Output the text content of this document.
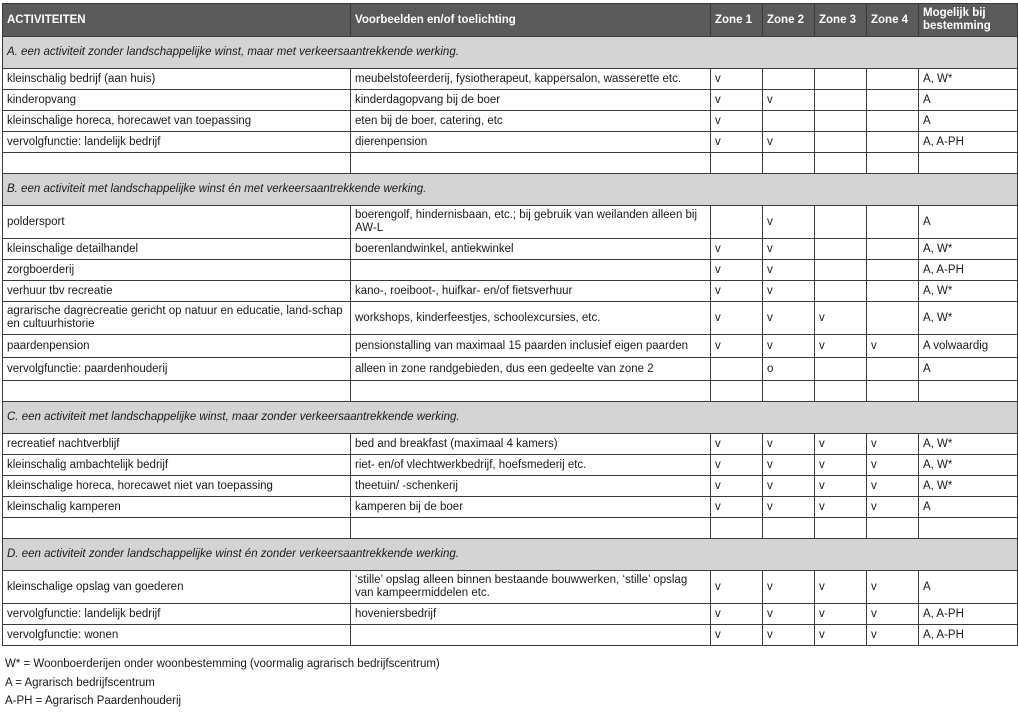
ACTIVITEITEN	Voorbeelden en/of toelichting	Zone 1	Zone 2	Zone 3	Zone 4	Mogelijk bij bestemming
A. een activiteit zonder landschappelijke winst, maar met verkeersaantrekkende werking.						
kleinschalig bedrijf (aan huis)	meubelstofeerderij, fysiotherapeut, kappersalon, wasserette etc.	v				A, W*
kinderopvang	kinderdagopvang bij de boer	v	v			A
kleinschalige horeca, horecawet van toepassing	eten bij de boer, catering, etc	v				A
vervolgfunctie: landelijk bedrijf	dierenpension	v	v			A, A-PH

B. een activiteit met landschappelijke winst én met verkeersaantrekkende werking.						
poldersport	boerengolf, hindernisbaan, etc.; bij gebruik van weilanden alleen bij AW-L		v			A
kleinschalige detailhandel	boerenlandwinkel, antiekwinkel	v	v			A, W*
zorgboerderij		v	v			A, A-PH
verhuur tbv recreatie	kano-, roeiboot-, huifkar- en/of fietsverhuur	v	v			A, W*
agrarische dagrecreatie gericht op natuur en educatie, land-schap en cultuurhistorie	workshops, kinderfeestjes, schoolexcursies, etc.	v	v	v		A, W*
paardenpension	pensionstalling van maximaal 15 paarden inclusief eigen paarden	v	v	v	v	A volwaardig
vervolgfunctie: paardenhouderij	alleen in zone randgebieden, dus een gedeelte van zone 2		o			A

C. een activiteit met landschappelijke winst, maar zonder verkeersaantrekkende werking.						
recreatief nachtverblijf	bed and breakfast (maximaal 4 kamers)	v	v	v	v	A, W*
kleinschalig ambachtelijk bedrijf	riet- en/of vlechtwerkbedrijf, hoefsmederij etc.	v	v	v	v	A, W*
kleinschalige horeca, horecawet niet van toepassing	theetuin/ -schenkerij	v	v	v	v	A, W*
kleinschalig kamperen	kamperen bij de boer	v	v	v	v	A

D. een activiteit zonder landschappelijke winst én zonder verkeersaantrekkende werking.						
kleinschalige opslag van goederen	‘stille’ opslag alleen binnen bestaande bouwwerken, ‘stille’ opslag van kampeermiddelen etc.	v	v	v	v	A
vervolgfunctie: landelijk bedrijf	hoveniersbedrijf	v	v	v	v	A, A-PH
vervolgfunctie: wonen		v	v	v	v	A, A-PH
W* = Woonboerderijen onder woonbestemming (voormalig agrarisch bedrijfscentrum)
A = Agrarisch bedrijfscentrum
A-PH = Agrarisch Paardenhouderij
